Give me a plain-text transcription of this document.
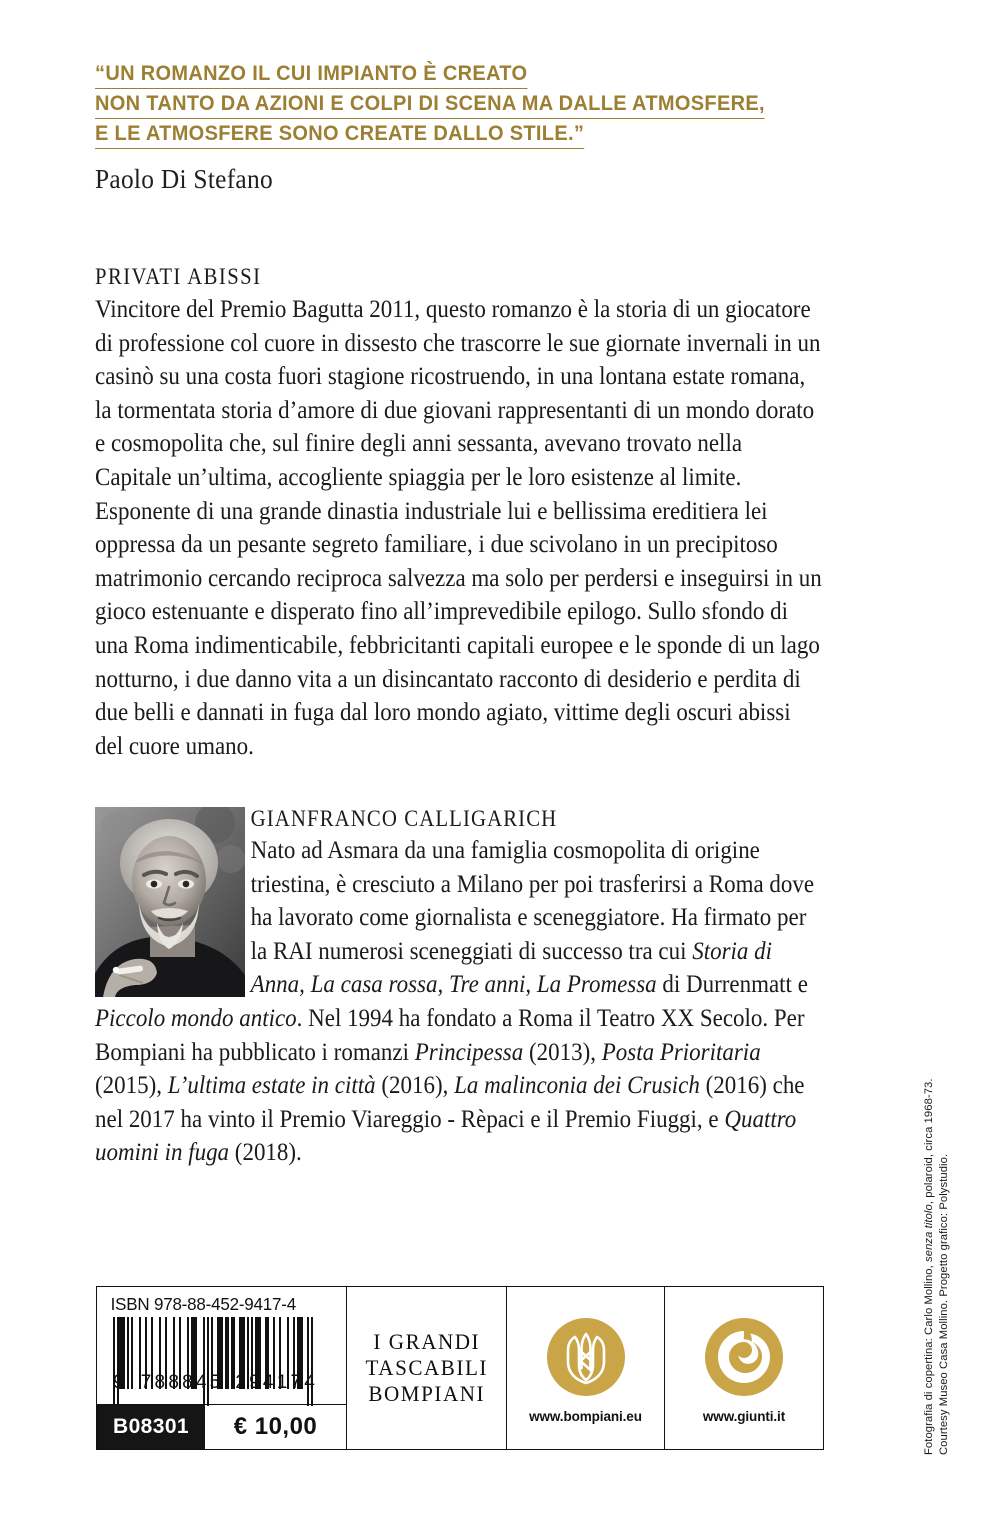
“UN ROMANZO IL CUI IMPIANTO È CREATO
NON TANTO DA AZIONI E COLPI DI SCENA MA DALLE ATMOSFERE,
E LE ATMOSFERE SONO CREATE DALLO STILE.”
Paolo Di Stefano
PRIVATI ABISSI

Vincitore del Premio Bagutta 2011, questo romanzo è la storia di un giocatore di professione col cuore in dissesto che trascorre le sue giornate invernali in un casinò su una costa fuori stagione ricostruendo, in una lontana estate romana, la tormentata storia d’amore di due giovani rappresentanti di un mondo dorato e cosmopolita che, sul finire degli anni sessanta, avevano trovato nella Capitale un’ultima, accogliente spiaggia per le loro esistenze al limite. Esponente di una grande dinastia industriale lui e bellissima ereditiera lei oppressa da un pesante segreto familiare, i due scivolano in un precipitoso matrimonio cercando reciproca salvezza ma solo per perdersi e inseguirsi in un gioco estenuante e disperato fino all’imprevedibile epilogo. Sullo sfondo di una Roma indimenticabile, febbricitanti capitali europee e le sponde di un lago notturno, i due danno vita a un disincantato racconto di desiderio e perdita di due belli e dannati in fuga dal loro mondo agiato, vittime degli oscuri abissi del cuore umano.

GIANFRANCO CALLIGARICH

Nato ad Asmara da una famiglia cosmopolita di origine triestina, è cresciuto a Milano per poi trasferirsi a Roma dove ha lavorato come giornalista e sceneggiatore. Ha firmato per la RAI numerosi sceneggiati di successo tra cui Storia di Anna, La casa rossa, Tre anni, La Promessa di Durrenmatt e Piccolo mondo antico. Nel 1994 ha fondato a Roma il Teatro XX Secolo. Per Bompiani ha pubblicato i romanzi Principessa (2013), Posta Prioritaria (2015), L’ultima estate in città (2016), La malinconia dei Crusich (2016) che nel 2017 ha vinto il Premio Viareggio - Rèpaci e il Premio Fiuggi, e Quattro uomini in fuga (2018).

Fotografia di copertina: Carlo Mollino, senza titolo, polaroid, circa 1968-73.
Courtesy Museo Casa Mollino. Progetto grafico: Polystudio.
ISBN 978-88-452-9417-4
9 788845 294174
B08301	€ 10,00
I GRANDI
TASCABILI
BOMPIANI
www.bompiani.eu	www.giunti.it
